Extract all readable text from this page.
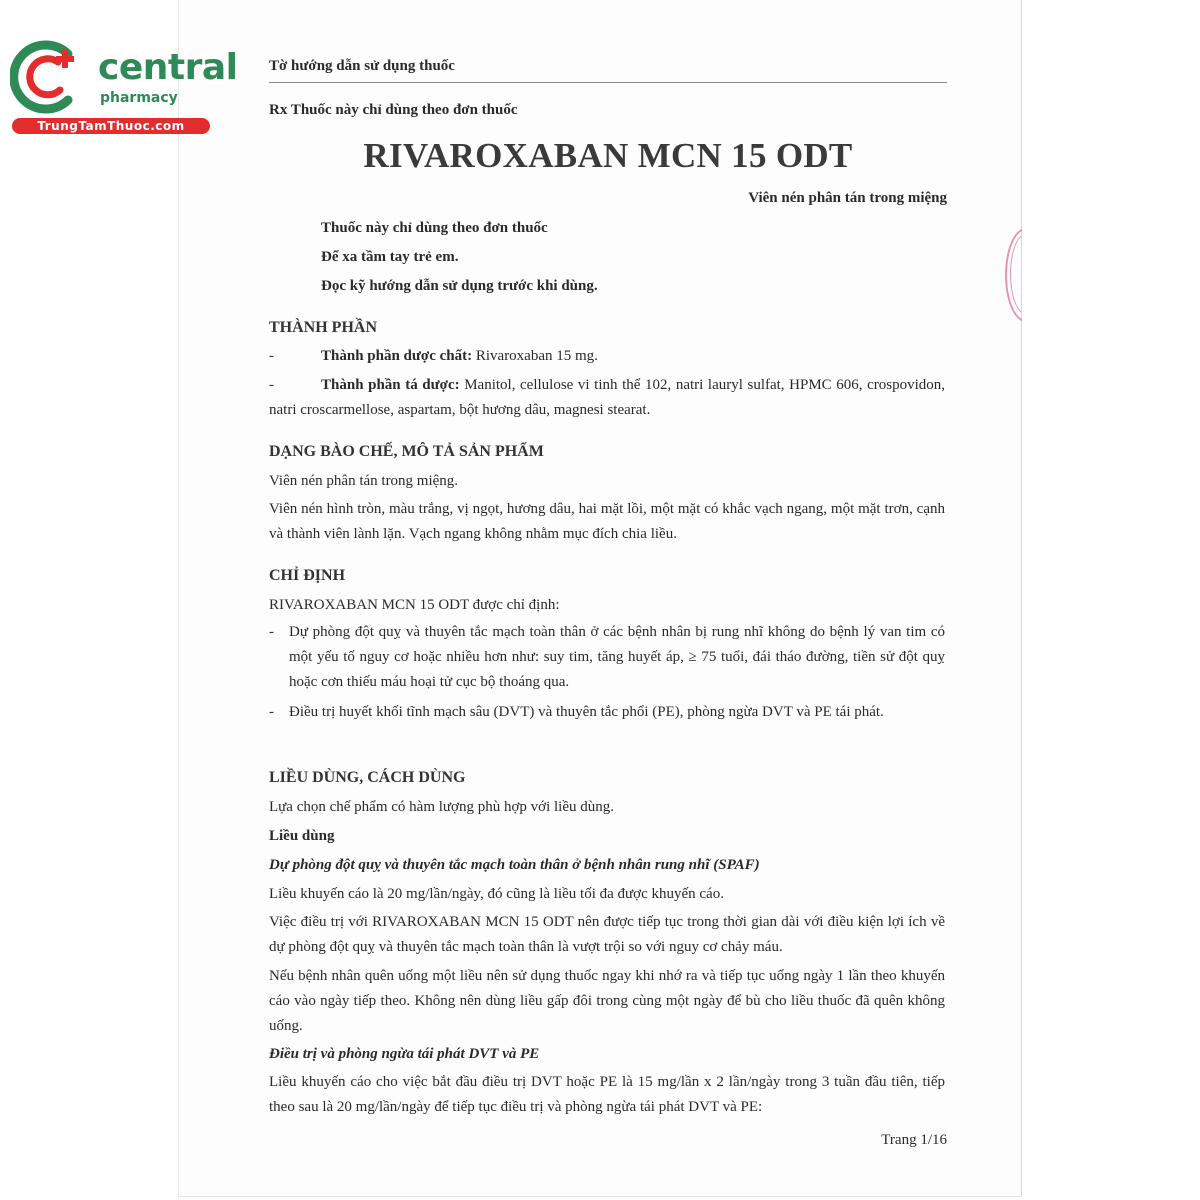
central
pharmacy
TrungTamThuoc.com
Tờ hướng dẫn sử dụng thuốc
Rx Thuốc này chỉ dùng theo đơn thuốc
RIVAROXABAN MCN 15 ODT
Viên nén phân tán trong miệng
Thuốc này chỉ dùng theo đơn thuốc
Để xa tầm tay trẻ em.
Đọc kỹ hướng dẫn sử dụng trước khi dùng.
THÀNH PHẦN
-	Thành phần dược chất: Rivaroxaban 15 mg.
-	Thành phần tá dược: Manitol, cellulose vi tinh thể 102, natri lauryl sulfat, HPMC 606, crospovidon, natri croscarmellose, aspartam, bột hương dâu, magnesi stearat.
DẠNG BÀO CHẾ, MÔ TẢ SẢN PHẨM
Viên nén phân tán trong miệng.
Viên nén hình tròn, màu trắng, vị ngọt, hương dâu, hai mặt lồi, một mặt có khắc vạch ngang, một mặt trơn, cạnh và thành viên lành lặn. Vạch ngang không nhằm mục đích chia liều.
CHỈ ĐỊNH
RIVAROXABAN MCN 15 ODT được chỉ định:
- Dự phòng đột quỵ và thuyên tắc mạch toàn thân ở các bệnh nhân bị rung nhĩ không do bệnh lý van tim có một yếu tố nguy cơ hoặc nhiều hơn như: suy tim, tăng huyết áp, ≥ 75 tuổi, đái tháo đường, tiền sử đột quỵ hoặc cơn thiếu máu hoại tử cục bộ thoáng qua.
- Điều trị huyết khối tĩnh mạch sâu (DVT) và thuyên tắc phổi (PE), phòng ngừa DVT và PE tái phát.
LIỀU DÙNG, CÁCH DÙNG
Lựa chọn chế phẩm có hàm lượng phù hợp với liều dùng.
Liều dùng
Dự phòng đột quỵ và thuyên tắc mạch toàn thân ở bệnh nhân rung nhĩ (SPAF)
Liều khuyến cáo là 20 mg/lần/ngày, đó cũng là liều tối đa được khuyến cáo.
Việc điều trị với RIVAROXABAN MCN 15 ODT nên được tiếp tục trong thời gian dài với điều kiện lợi ích về dự phòng đột quỵ và thuyên tắc mạch toàn thân là vượt trội so với nguy cơ chảy máu.
Nếu bệnh nhân quên uống một liều nên sử dụng thuốc ngay khi nhớ ra và tiếp tục uống ngày 1 lần theo khuyến cáo vào ngày tiếp theo. Không nên dùng liều gấp đôi trong cùng một ngày để bù cho liều thuốc đã quên không uống.
Điều trị và phòng ngừa tái phát DVT và PE
Liều khuyến cáo cho việc bắt đầu điều trị DVT hoặc PE là 15 mg/lần x 2 lần/ngày trong 3 tuần đầu tiên, tiếp theo sau là 20 mg/lần/ngày để tiếp tục điều trị và phòng ngừa tái phát DVT và PE:
Trang 1/16
